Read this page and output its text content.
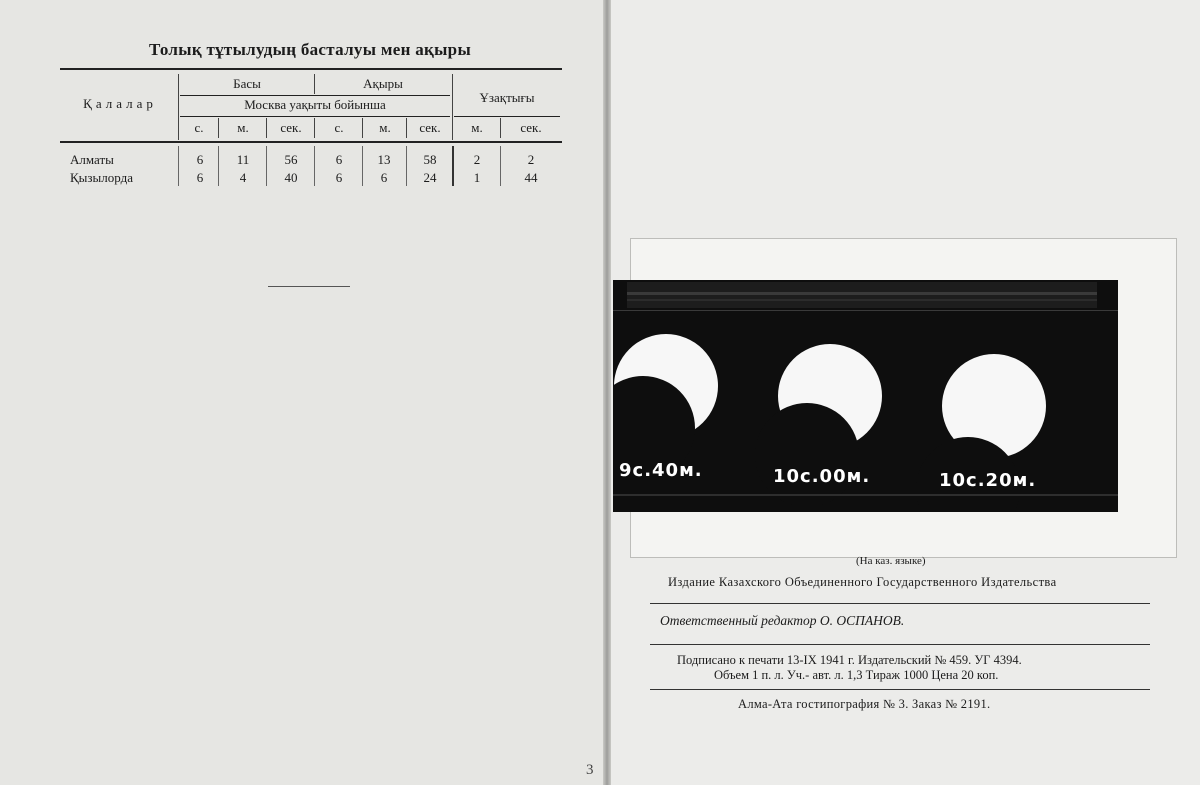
Толық тұтылудың басталуы мен ақыры
Қалалар
Басы	Ақыры
Москва уақыты бойынша	Ұзақтығы
с.	м.	сек.	с.	м.	сек.	м.	сек.
Алматы	6	11	56	6	13	58	2	2
Қызылорда	6	4	40	6	6	24	1	44
3
9с.40м.	10с.00м.	10с.20м.
(На каз. языке)
Издание Казахского Объединенного Государственного Издательства
Ответственный редактор О. ОСПАНОВ.
Подписано к печати 13-IX 1941 г. Издательский № 459. УГ 4394.
Объем 1 п. л. Уч.- авт. л. 1,3 Тираж 1000 Цена 20 коп.
Алма-Ата гостипография № 3. Заказ № 2191.
